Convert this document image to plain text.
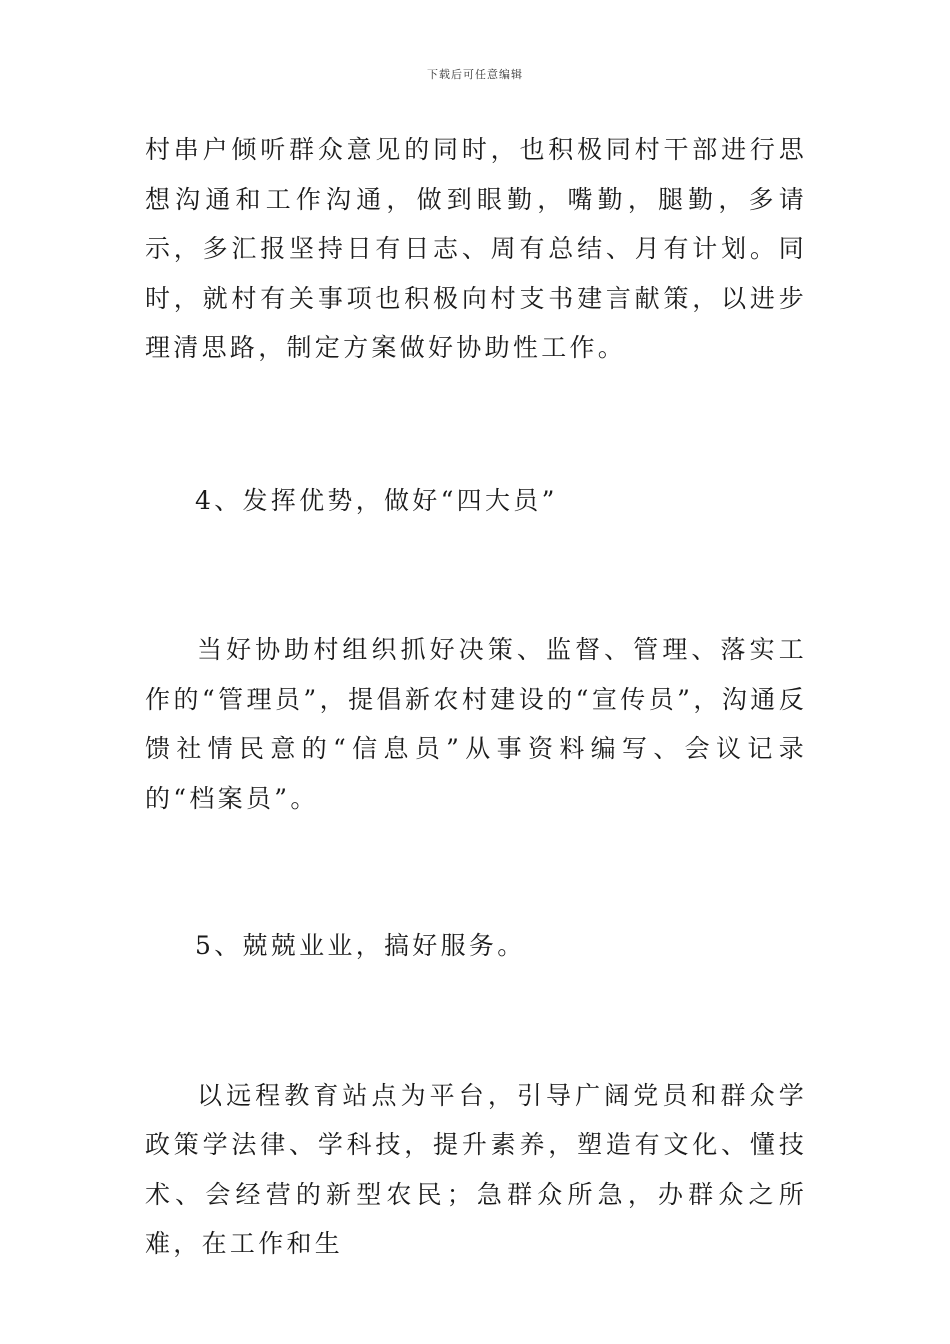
下载后可任意编辑

村串户倾听群众意见的同时，也积极同村干部进行思想沟通和工作沟通，做到眼勤，嘴勤，腿勤，多请示，多汇报坚持日有日志、周有总结、月有计划。同时，就村有关事项也积极向村支书建言献策，以进步理清思路，制定方案做好协助性工作。

4、发挥优势，做好“四大员”

当好协助村组织抓好决策、监督、管理、落实工作的“管理员”，提倡新农村建设的“宣传员”，沟通反馈社情民意的“信息员”从事资料编写、会议记录的“档案员”。

5、兢兢业业，搞好服务。

以远程教育站点为平台，引导广阔党员和群众学政策学法律、学科技，提升素养，塑造有文化、懂技术、会经营的新型农民；急群众所急，办群众之所难，在工作和生
